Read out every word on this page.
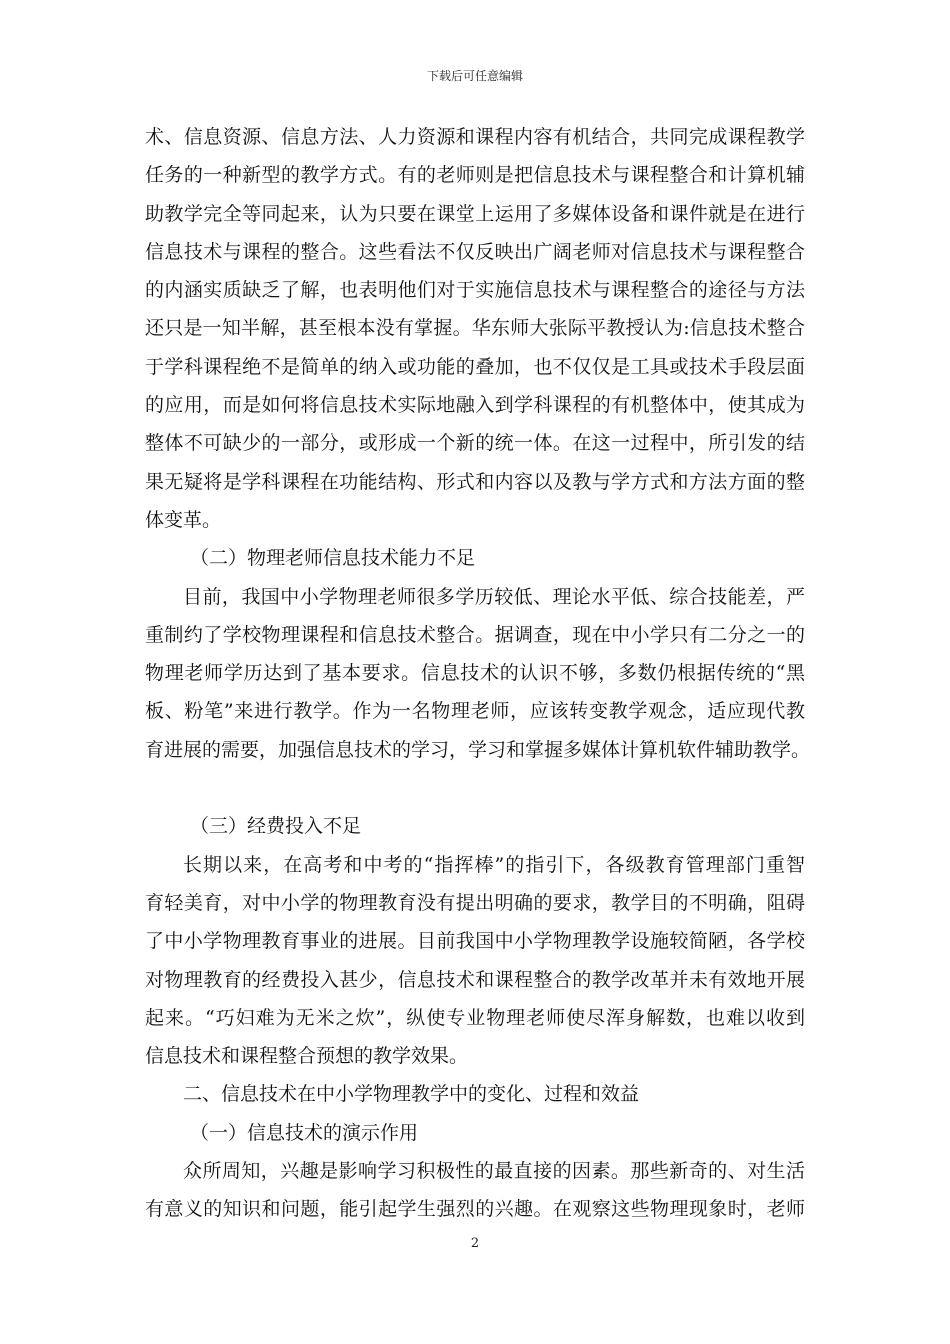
下载后可任意编辑
术、信息资源、信息方法、人力资源和课程内容有机结合，共同完成课程教学
任务的一种新型的教学方式。有的老师则是把信息技术与课程整合和计算机辅
助教学完全等同起来，认为只要在课堂上运用了多媒体设备和课件就是在进行
信息技术与课程的整合。这些看法不仅反映出广阔老师对信息技术与课程整合
的内涵实质缺乏了解，也表明他们对于实施信息技术与课程整合的途径与方法
还只是一知半解，甚至根本没有掌握。华东师大张际平教授认为:信息技术整合
于学科课程绝不是简单的纳入或功能的叠加，也不仅仅是工具或技术手段层面
的应用，而是如何将信息技术实际地融入到学科课程的有机整体中，使其成为
整体不可缺少的一部分，或形成一个新的统一体。在这一过程中，所引发的结
果无疑将是学科课程在功能结构、形式和内容以及教与学方式和方法方面的整
体变革。
（二）物理老师信息技术能力不足
目前，我国中小学物理老师很多学历较低、理论水平低、综合技能差，严
重制约了学校物理课程和信息技术整合。据调查，现在中小学只有二分之一的
物理老师学历达到了基本要求。信息技术的认识不够，多数仍根据传统的“黑
板、粉笔”来进行教学。作为一名物理老师，应该转变教学观念，适应现代教
育进展的需要，加强信息技术的学习，学习和掌握多媒体计算机软件辅助教学。
（三）经费投入不足
长期以来，在高考和中考的“指挥棒”的指引下，各级教育管理部门重智
育轻美育，对中小学的物理教育没有提出明确的要求，教学目的不明确，阻碍
了中小学物理教育事业的进展。目前我国中小学物理教学设施较简陋，各学校
对物理教育的经费投入甚少，信息技术和课程整合的教学改革并未有效地开展
起来。“巧妇难为无米之炊”，纵使专业物理老师使尽浑身解数，也难以收到
信息技术和课程整合预想的教学效果。
二、信息技术在中小学物理教学中的变化、过程和效益
（一）信息技术的演示作用
众所周知，兴趣是影响学习积极性的最直接的因素。那些新奇的、对生活
有意义的知识和问题，能引起学生强烈的兴趣。在观察这些物理现象时，老师
2
